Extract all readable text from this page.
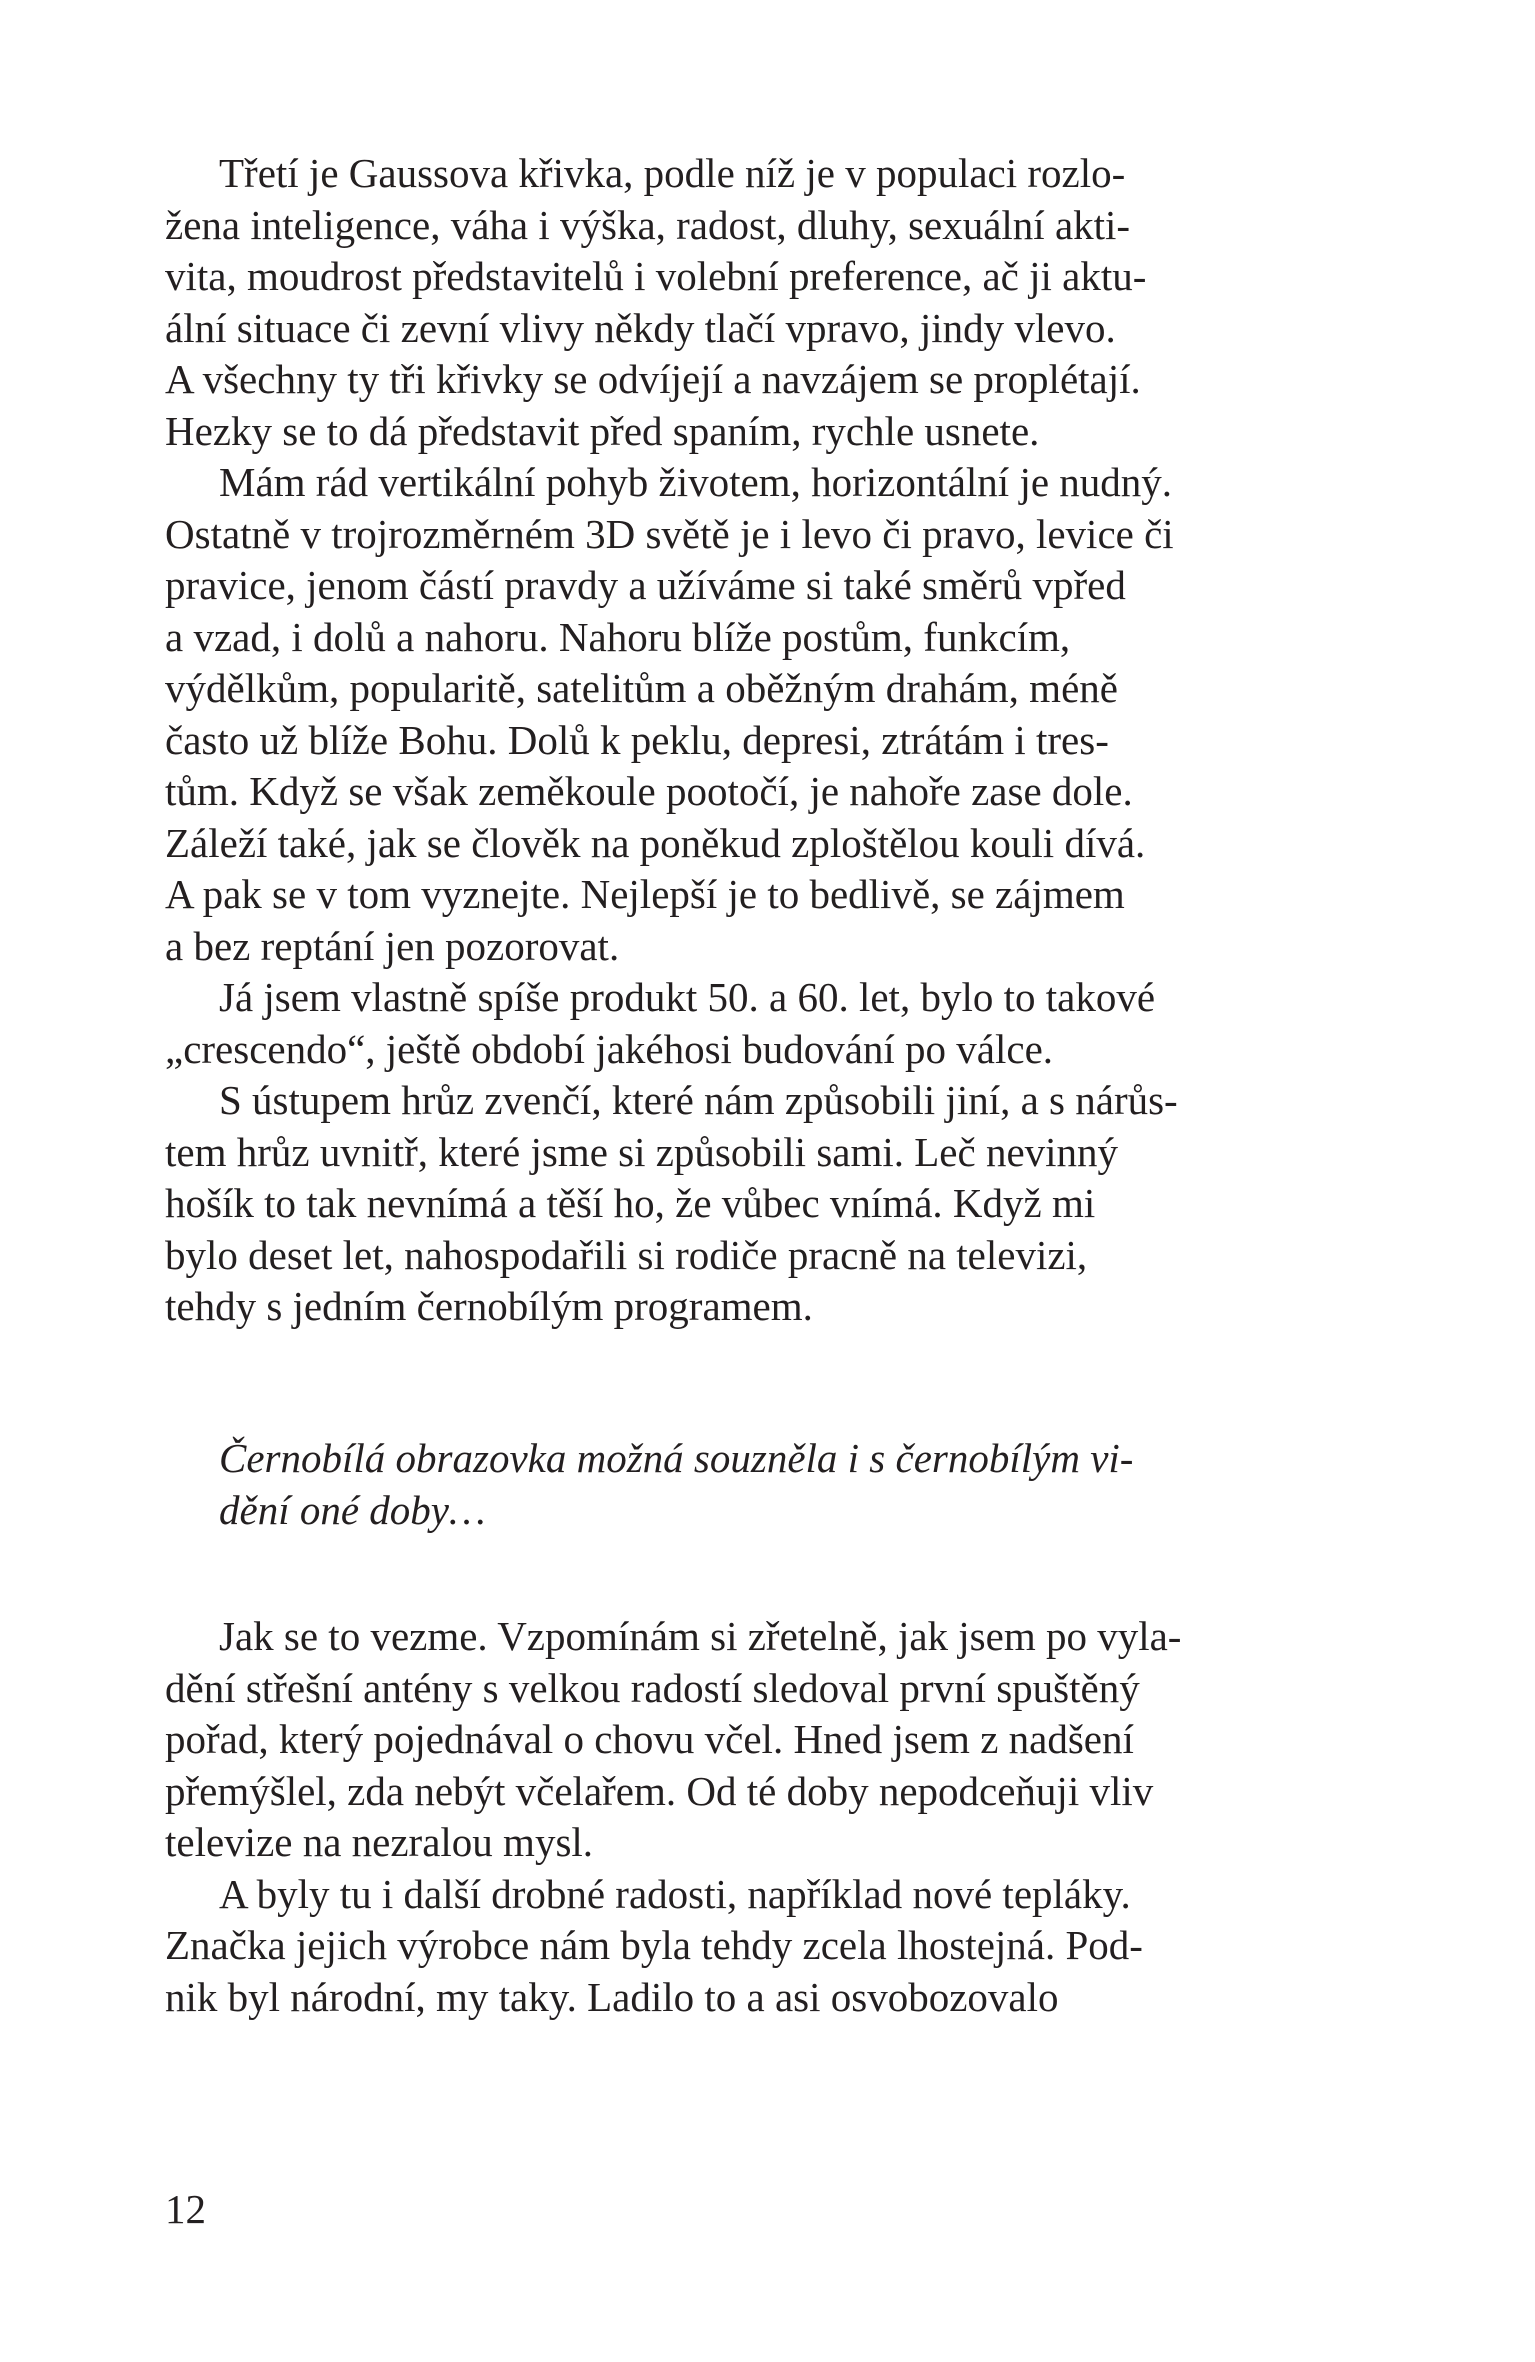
Třetí je Gaussova křivka, podle níž je v populaci rozlo-
žena inteligence, váha i výška, radost, dluhy, sexuální akti-
vita, moudrost představitelů i volební preference, ač ji aktu-
ální situace či zevní vlivy někdy tlačí vpravo, jindy vlevo.
A všechny ty tři křivky se odvíjejí a navzájem se proplétají.
Hezky se to dá představit před spaním, rychle usnete.

Mám rád vertikální pohyb životem, horizontální je nudný.
Ostatně v trojrozměrném 3D světě je i levo či pravo, levice či
pravice, jenom částí pravdy a užíváme si také směrů vpřed
a vzad, i dolů a nahoru. Nahoru blíže postům, funkcím,
výdělkům, popularitě, satelitům a oběžným drahám, méně
často už blíže Bohu. Dolů k peklu, depresi, ztrátám i tres-
tům. Když se však zeměkoule pootočí, je nahoře zase dole.
Záleží také, jak se člověk na poněkud zploštělou kouli dívá.
A pak se v tom vyznejte. Nejlepší je to bedlivě, se zájmem
a bez reptání jen pozorovat.

Já jsem vlastně spíše produkt 50. a 60. let, bylo to takové
„crescendo“, ještě období jakéhosi budování po válce.

S ústupem hrůz zvenčí, které nám způsobili jiní, a s nárůs-
tem hrůz uvnitř, které jsme si způsobili sami. Leč nevinný
hošík to tak nevnímá a těší ho, že vůbec vnímá. Když mi
bylo deset let, nahospodařili si rodiče pracně na televizi,
tehdy s jedním černobílým programem.

Černobílá obrazovka možná souzněla i s černobílým vi-
dění oné doby…

Jak se to vezme. Vzpomínám si zřetelně, jak jsem po vyla-
dění střešní antény s velkou radostí sledoval první spuštěný
pořad, který pojednával o chovu včel. Hned jsem z nadšení
přemýšlel, zda nebýt včelařem. Od té doby nepodceňuji vliv
televize na nezralou mysl.

A byly tu i další drobné radosti, například nové tepláky.
Značka jejich výrobce nám byla tehdy zcela lhostejná. Pod-
nik byl národní, my taky. Ladilo to a asi osvobozovalo

12
